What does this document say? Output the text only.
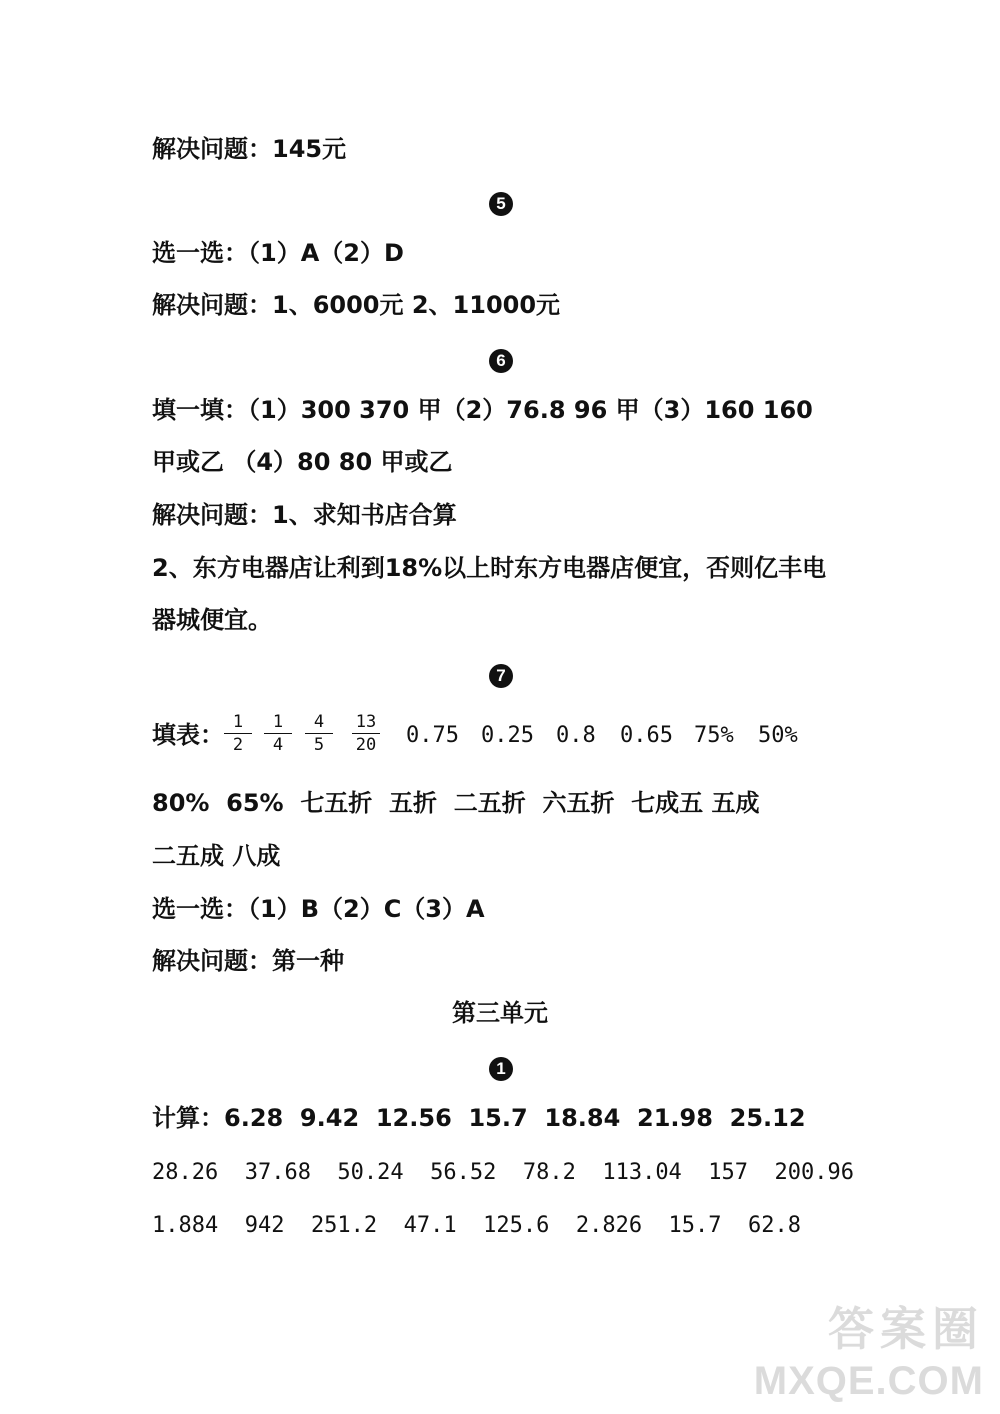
解决问题：145元
5
选一选：（1）A（2）D
解决问题：1、6000元 2、11000元
6
填一填：（1）300 370 甲（2）76.8 96 甲（3）160 160
甲或乙 （4）80 80 甲或乙
解决问题：1、求知书店合算
2、东方电器店让利到18%以上时东方电器店便宜，否则亿丰电
器城便宜。
7
填表： 1
2
1
4
4
5
13
20	0.75 0.25 0.8 0.65 75% 50%
80%  65%  七五折  五折  二五折  六五折  七成五 五成
二五成 八成
选一选：（1）B（2）C（3）A
解决问题：第一种
第三单元
1
计算：6.28  9.42  12.56  15.7  18.84  21.98  25.12
28.26  37.68  50.24  56.52  78.2  113.04  157  200.96
1.884  942  251.2  47.1  125.6  2.826  15.7  62.8
答案圈
MXQE.COM
